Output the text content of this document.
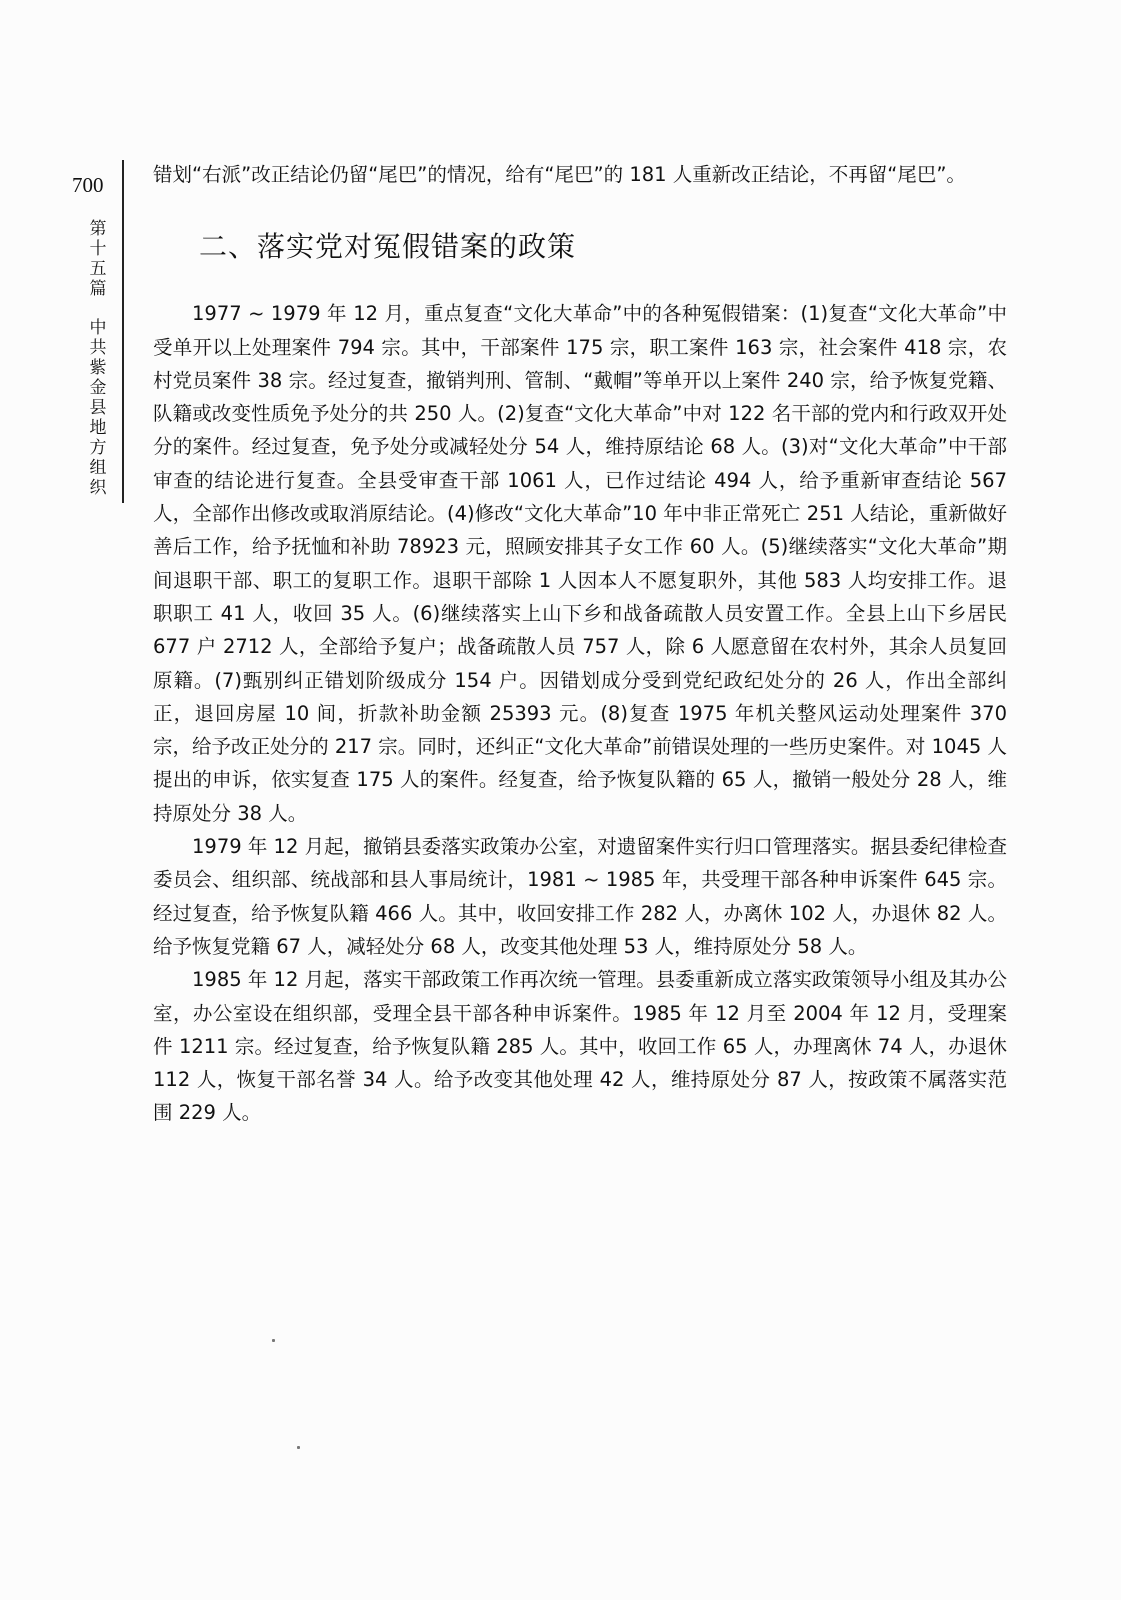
700
第十五篇
中共紫金县地方组织

错划“右派”改正结论仍留“尾巴”的情况，给有“尾巴”的 181 人重新改正结论，不再留“尾巴”。

二、落实党对冤假错案的政策

1977 ~ 1979 年 12 月，重点复查“文化大革命”中的各种冤假错案：(1)复查“文化大革命”中受单开以上处理案件 794 宗。其中，干部案件 175 宗，职工案件 163 宗，社会案件 418 宗，农村党员案件 38 宗。经过复查，撤销判刑、管制、“戴帽”等单开以上案件 240 宗，给予恢复党籍、队籍或改变性质免予处分的共 250 人。(2)复查“文化大革命”中对 122 名干部的党内和行政双开处分的案件。经过复查，免予处分或减轻处分 54 人，维持原结论 68 人。(3)对“文化大革命”中干部审查的结论进行复查。全县受审查干部 1061 人，已作过结论 494 人，给予重新审查结论 567 人，全部作出修改或取消原结论。(4)修改“文化大革命”10 年中非正常死亡 251 人结论，重新做好善后工作，给予抚恤和补助 78923 元，照顾安排其子女工作 60 人。(5)继续落实“文化大革命”期间退职干部、职工的复职工作。退职干部除 1 人因本人不愿复职外，其他 583 人均安排工作。退职职工 41 人，收回 35 人。(6)继续落实上山下乡和战备疏散人员安置工作。全县上山下乡居民 677 户 2712 人，全部给予复户；战备疏散人员 757 人，除 6 人愿意留在农村外，其余人员复回原籍。(7)甄别纠正错划阶级成分 154 户。因错划成分受到党纪政纪处分的 26 人，作出全部纠正，退回房屋 10 间，折款补助金额 25393 元。(8)复查 1975 年机关整风运动处理案件 370 宗，给予改正处分的 217 宗。同时，还纠正“文化大革命”前错误处理的一些历史案件。对 1045 人提出的申诉，依实复查 175 人的案件。经复查，给予恢复队籍的 65 人，撤销一般处分 28 人，维持原处分 38 人。

1979 年 12 月起，撤销县委落实政策办公室，对遗留案件实行归口管理落实。据县委纪律检查委员会、组织部、统战部和县人事局统计，1981 ~ 1985 年，共受理干部各种申诉案件 645 宗。经过复查，给予恢复队籍 466 人。其中，收回安排工作 282 人，办离休 102 人，办退休 82 人。给予恢复党籍 67 人，减轻处分 68 人，改变其他处理 53 人，维持原处分 58 人。

1985 年 12 月起，落实干部政策工作再次统一管理。县委重新成立落实政策领导小组及其办公室，办公室设在组织部，受理全县干部各种申诉案件。1985 年 12 月至 2004 年 12 月，受理案件 1211 宗。经过复查，给予恢复队籍 285 人。其中，收回工作 65 人，办理离休 74 人，办退休 112 人，恢复干部名誉 34 人。给予改变其他处理 42 人，维持原处分 87 人，按政策不属落实范围 229 人。
